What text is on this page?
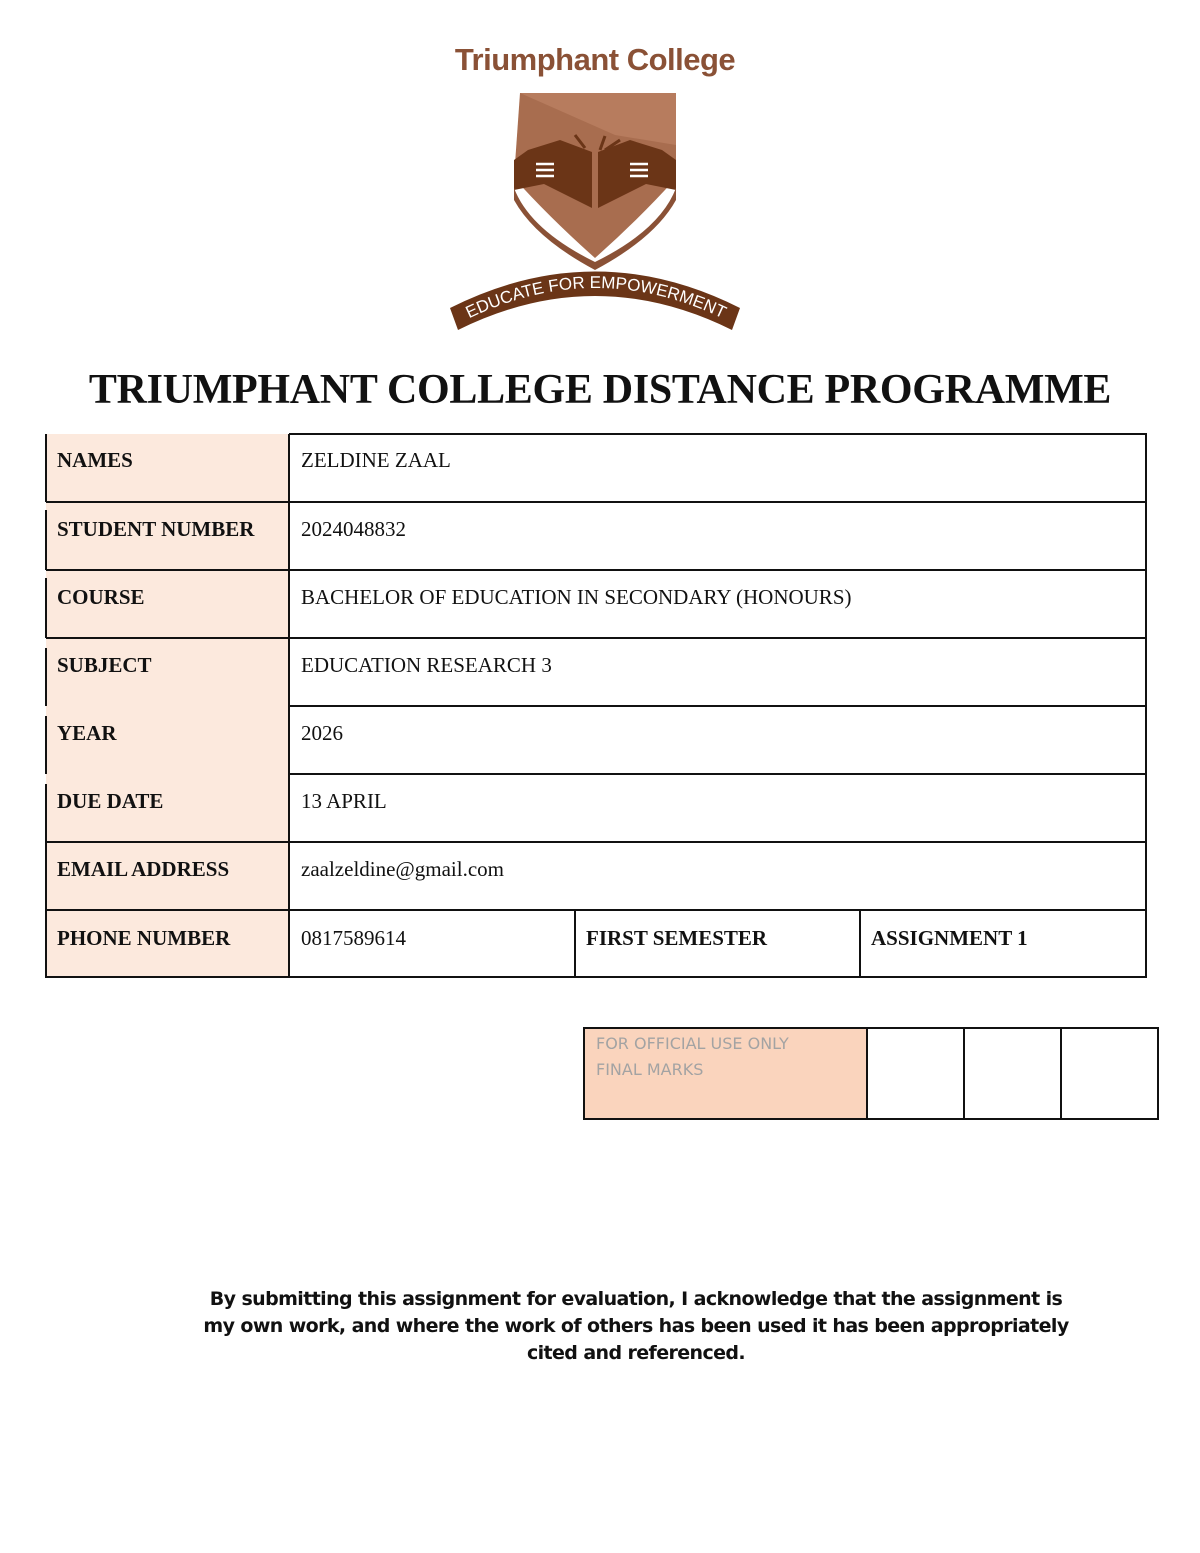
Triumphant College
EDUCATE FOR EMPOWERMENT
TRIUMPHANT COLLEGE DISTANCE PROGRAMME
NAMES
STUDENT NUMBER
COURSE
SUBJECT
YEAR
DUE DATE
EMAIL ADDRESS
PHONE NUMBER
ZELDINE ZAAL
2024048832
BACHELOR OF EDUCATION IN SECONDARY (HONOURS)
EDUCATION RESEARCH 3
2026
13 APRIL
zaalzeldine@gmail.com
0817589614	FIRST SEMESTER	ASSIGNMENT 1
FOR OFFICIAL USE ONLY
FINAL MARKS
By submitting this assignment for evaluation, I acknowledge that the assignment is my own work, and where the work of others has been used it has been appropriately cited and referenced.
